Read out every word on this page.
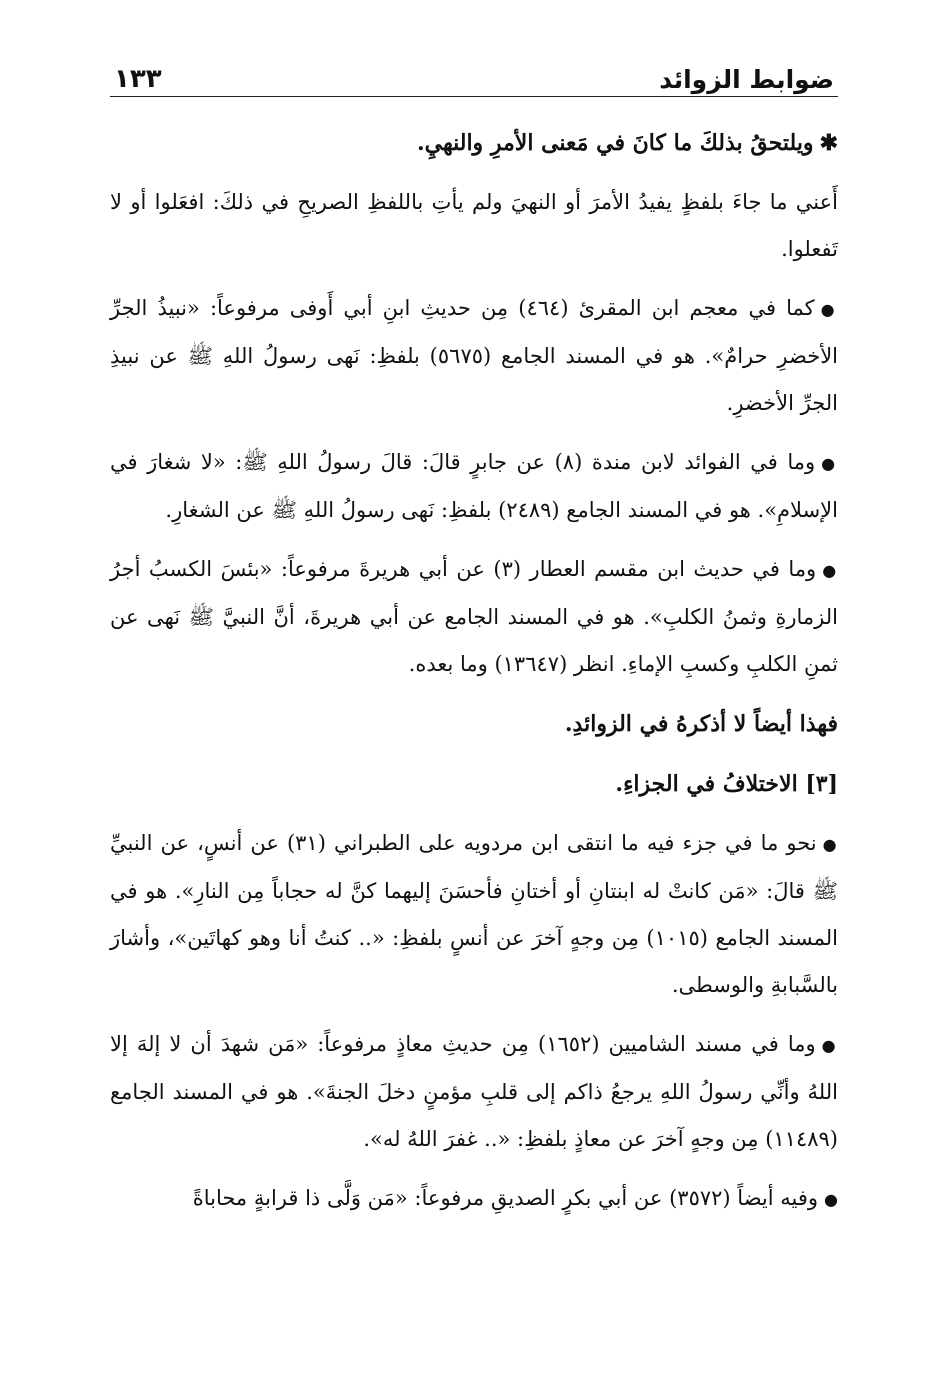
ضوابط الزوائد
١٣٣
✱ويلتحقُ بذلكَ ما كانَ في مَعنى الأمرِ والنهيِ.

أَعني ما جاءَ بلفظٍ يفيدُ الأمرَ أو النهيَ ولم يأتِ باللفظِ الصريحِ في ذلكَ: افعَلوا أو لا تَفعلوا.

●كما في معجم ابن المقرئ (٤٦٤) مِن حديثِ ابنِ أبي أَوفى مرفوعاً: «نبيذُ الجرِّ الأخضرِ حرامٌ». هو في المسند الجامع (٥٦٧٥) بلفظِ: نَهى رسولُ اللهِ ﷺ عن نبيذِ الجرِّ الأخضرِ.

●وما في الفوائد لابن مندة (٨) عن جابرٍ قالَ: قالَ رسولُ اللهِ ﷺ: «لا شغارَ في الإسلامِ». هو في المسند الجامع (٢٤٨٩) بلفظِ: نَهى رسولُ اللهِ ﷺ عن الشغارِ.

●وما في حديث ابن مقسم العطار (٣) عن أبي هريرةَ مرفوعاً: «بئسَ الكسبُ أجرُ الزمارةِ وثمنُ الكلبِ». هو في المسند الجامع عن أبي هريرةَ، أنَّ النبيَّ ﷺ نَهى عن ثمنِ الكلبِ وكسبِ الإماءِ. انظر (١٣٦٤٧) وما بعده.

فهذا أيضاً لا أذكرهُ في الزوائدِ.
[٣] الاختلافُ في الجزاءِ.

●نحو ما في جزء فيه ما انتقى ابن مردويه على الطبراني (٣١) عن أنسٍ، عن النبيِّ ﷺ قالَ: «مَن كانتْ له ابنتانِ أو أختانِ فأحسَنَ إليهما كنَّ له حجاباً مِن النارِ». هو في المسند الجامع (١٠١٥) مِن وجهٍ آخرَ عن أنسٍ بلفظِ: «.. كنتُ أنا وهو كهاتَين»، وأشارَ بالسَّبابةِ والوسطى.

●وما في مسند الشاميين (١٦٥٢) مِن حديثِ معاذٍ مرفوعاً: «مَن شهدَ أن لا إلهَ إلا اللهُ وأنِّي رسولُ اللهِ يرجعُ ذاكم إلى قلبِ مؤمنٍ دخلَ الجنةَ». هو في المسند الجامع (١١٤٨٩) مِن وجهٍ آخرَ عن معاذٍ بلفظِ: «.. غفرَ اللهُ له».

●وفيه أيضاً (٣٥٧٢) عن أبي بكرٍ الصديقِ مرفوعاً: «مَن وَلَّى ذا قرابةٍ محاباةً
